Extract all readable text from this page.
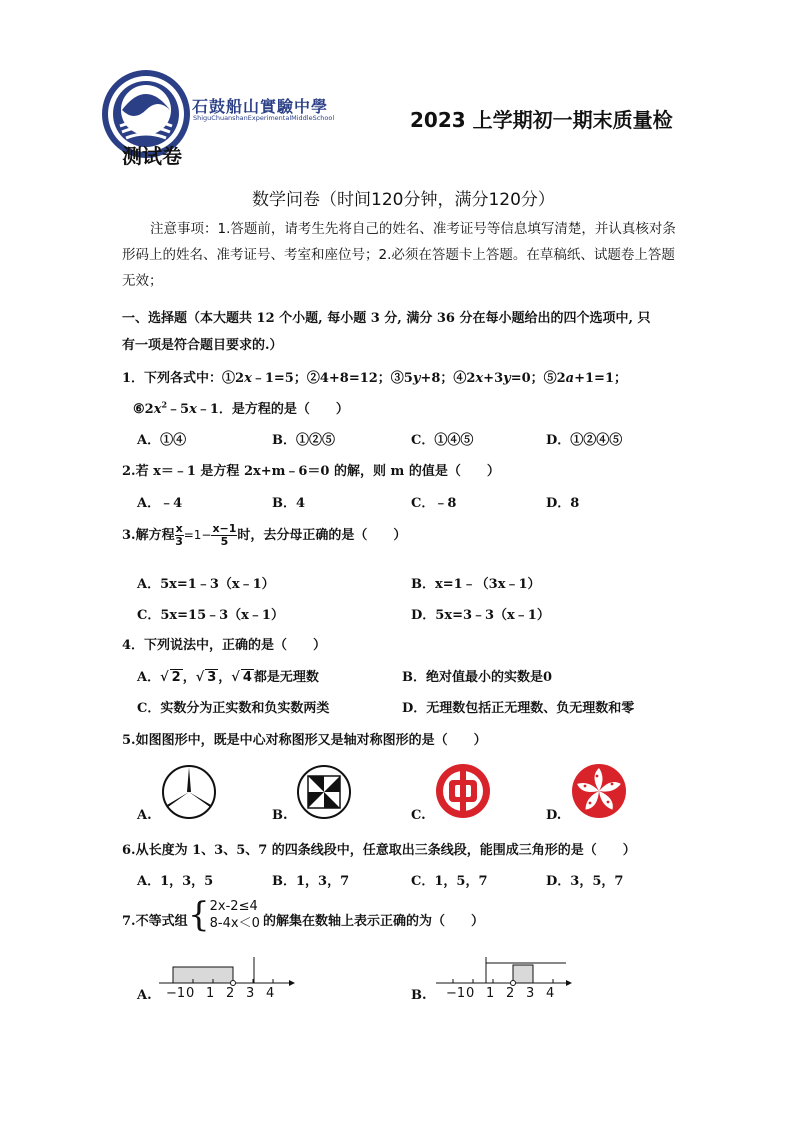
石鼓船山實驗中學
ShiguChuanshanExperimentalMiddleSchool	2023 上学期初一期末质量检
测试卷
数学问卷（时间120分钟，满分120分）
注意事项：1.答题前，请考生先将自己的姓名、准考证号等信息填写清楚，并认真核对条形码上的姓名、准考证号、考室和座位号；2.必须在答题卡上答题。在草稿纸、试题卷上答题无效；
一、选择题（本大题共 12 个小题, 每小题 3 分, 满分 36 分在每小题给出的四个选项中, 只
有一项是符合题目要求的.）
1．下列各式中：①2x﹣1=5；②4+8=12；③5y+8；④2x+3y=0；⑤2a+1=1；
$⑥2x^2﹣5x﹣1$．是方程的是（　　）
A．①④	B．①②⑤	C．①④⑤	D．①②④⑤
2.若 x＝﹣1 是方程 2x+m﹣6＝0 的解，则 m 的值是（　　）
A．﹣4	B．4	C．﹣8	D．8
3.解方程 $\frac{x}{3} =1- \frac{x-1}{5}$ 时，去分母正确的是（　　）
A．5x=1﹣3（x﹣1）	B．x=1﹣（3x﹣1）
C．5x=15﹣3（x﹣1）	D．5x=3﹣3（x﹣1）
4．下列说法中，正确的是（　　）
A．√ 2 ，√ 3 ，√ 4 都是无理数	B．绝对值最小的实数是0
C．实数分为正实数和负实数两类	D．无理数包括正无理数、负无理数和零
5.如图图形中，既是中心对称图形又是轴对称图形的是（　　）
A.	B.	C.	D.
6.从长度为 1、3、5、7 的四条线段中，任意取出三条线段，能围成三角形的是（　　）
A．1，3，5	B．1，3，7	C．1，5，7	D．3，5，7
7.不等式组 { 2x-2≤4
8-4x＜0 的解集在数轴上表示正确的为（　　）
A. −10 1 2 3 4	B. −10 1 2 3 4
